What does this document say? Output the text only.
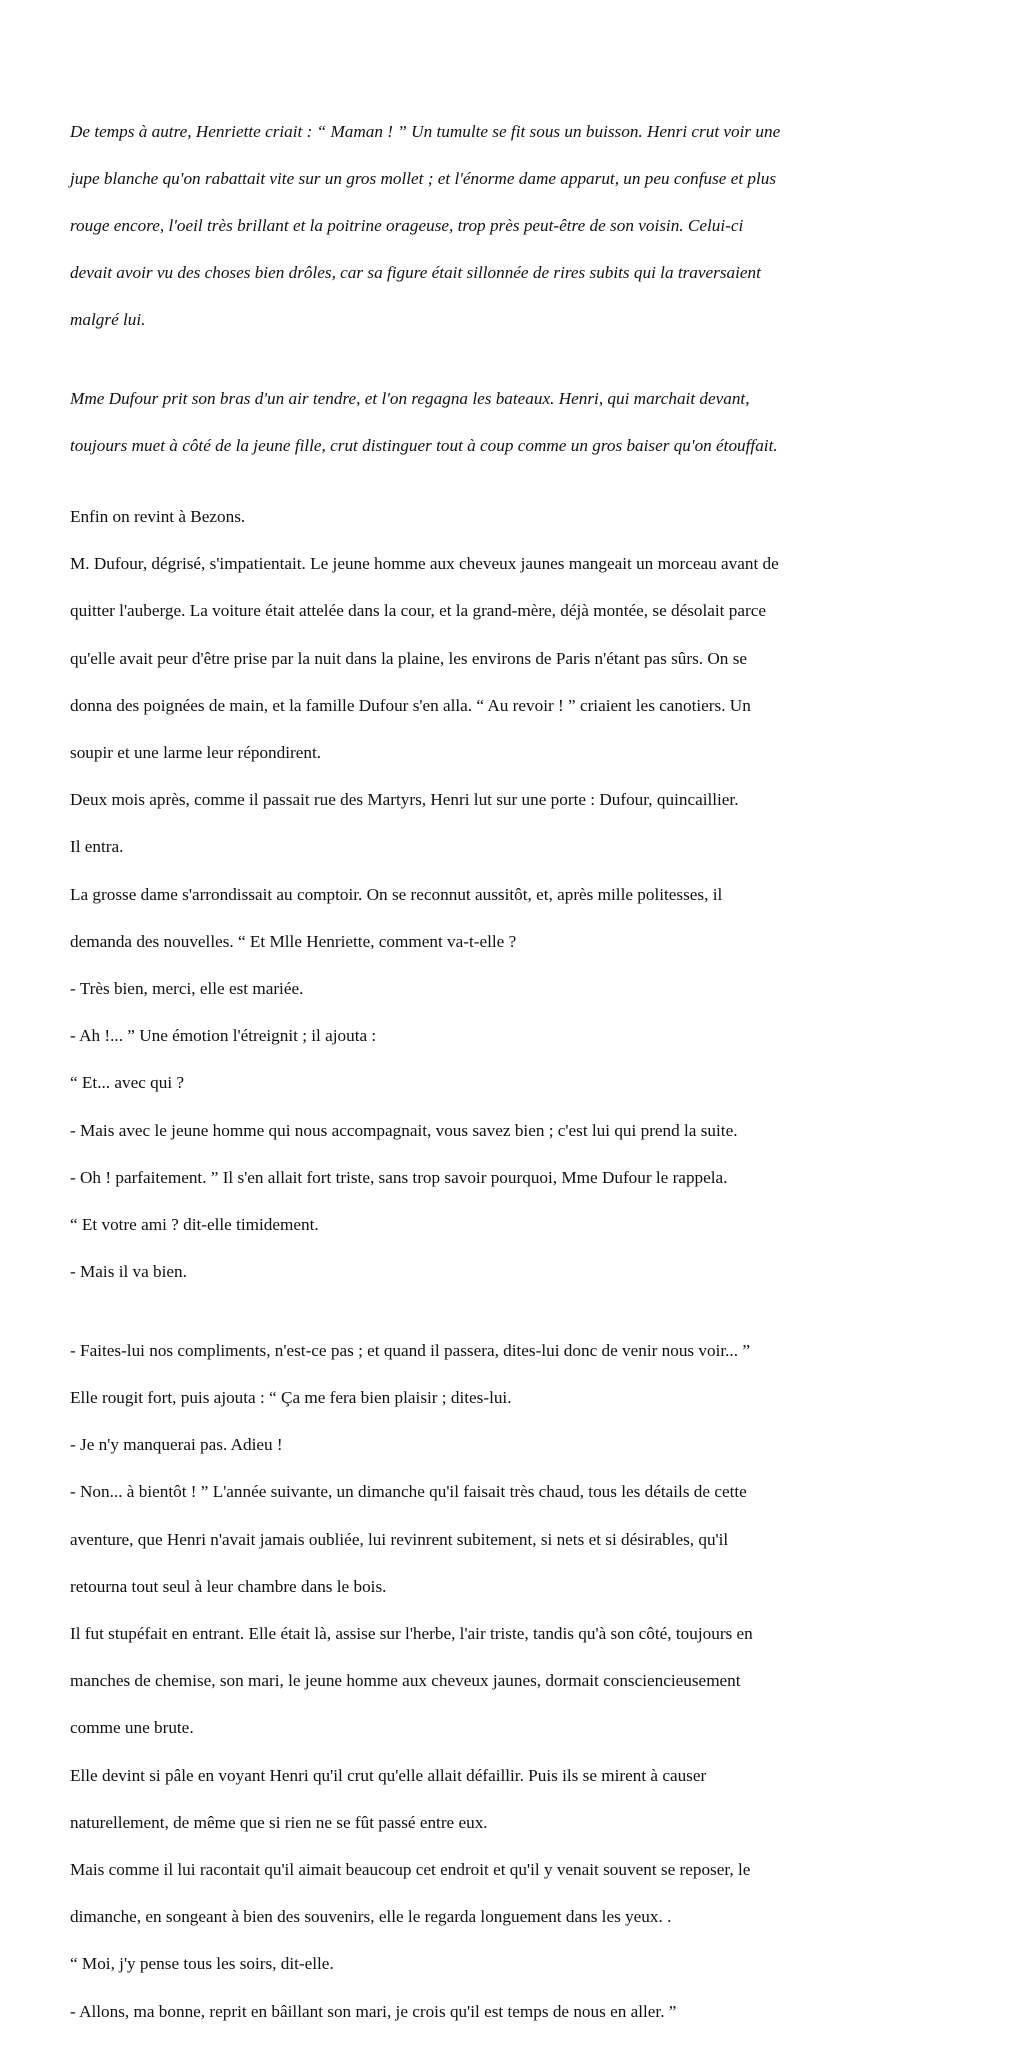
De temps à autre, Henriette criait : “ Maman ! ” Un tumulte se fit sous un buisson. Henri crut voir une

jupe blanche qu'on rabattait vite sur un gros mollet ; et l'énorme dame apparut, un peu confuse et plus

rouge encore, l'oeil très brillant et la poitrine orageuse, trop près peut-être de son voisin. Celui-ci

devait avoir vu des choses bien drôles, car sa figure était sillonnée de rires subits qui la traversaient

malgré lui.

Mme Dufour prit son bras d'un air tendre, et l'on regagna les bateaux. Henri, qui marchait devant,

toujours muet à côté de la jeune fille, crut distinguer tout à coup comme un gros baiser qu'on étouffait.

Enfin on revint à Bezons.

M. Dufour, dégrisé, s'impatientait. Le jeune homme aux cheveux jaunes mangeait un morceau avant de

quitter l'auberge. La voiture était attelée dans la cour, et la grand-mère, déjà montée, se désolait parce

qu'elle avait peur d'être prise par la nuit dans la plaine, les environs de Paris n'étant pas sûrs. On se

donna des poignées de main, et la famille Dufour s'en alla. “ Au revoir ! ” criaient les canotiers. Un

soupir et une larme leur répondirent.

Deux mois après, comme il passait rue des Martyrs, Henri lut sur une porte : Dufour, quincaillier.

Il entra.

La grosse dame s'arrondissait au comptoir. On se reconnut aussitôt, et, après mille politesses, il

demanda des nouvelles. “ Et Mlle Henriette, comment va-t-elle ?

- Très bien, merci, elle est mariée.

- Ah !... ” Une émotion l'étreignit ; il ajouta :

“ Et... avec qui ?

- Mais avec le jeune homme qui nous accompagnait, vous savez bien ; c'est lui qui prend la suite.

- Oh ! parfaitement. ” Il s'en allait fort triste, sans trop savoir pourquoi, Mme Dufour le rappela.

“ Et votre ami ? dit-elle timidement.

- Mais il va bien.

- Faites-lui nos compliments, n'est-ce pas ; et quand il passera, dites-lui donc de venir nous voir... ”

Elle rougit fort, puis ajouta : “ Ça me fera bien plaisir ; dites-lui.

- Je n'y manquerai pas. Adieu !

- Non... à bientôt ! ” L'année suivante, un dimanche qu'il faisait très chaud, tous les détails de cette

aventure, que Henri n'avait jamais oubliée, lui revinrent subitement, si nets et si désirables, qu'il

retourna tout seul à leur chambre dans le bois.

Il fut stupéfait en entrant. Elle était là, assise sur l'herbe, l'air triste, tandis qu'à son côté, toujours en

manches de chemise, son mari, le jeune homme aux cheveux jaunes, dormait consciencieusement

comme une brute.

Elle devint si pâle en voyant Henri qu'il crut qu'elle allait défaillir. Puis ils se mirent à causer

naturellement, de même que si rien ne se fût passé entre eux.

Mais comme il lui racontait qu'il aimait beaucoup cet endroit et qu'il y venait souvent se reposer, le

dimanche, en songeant à bien des souvenirs, elle le regarda longuement dans les yeux. .

“ Moi, j'y pense tous les soirs, dit-elle.

- Allons, ma bonne, reprit en bâillant son mari, je crois qu'il est temps de nous en aller. ”
